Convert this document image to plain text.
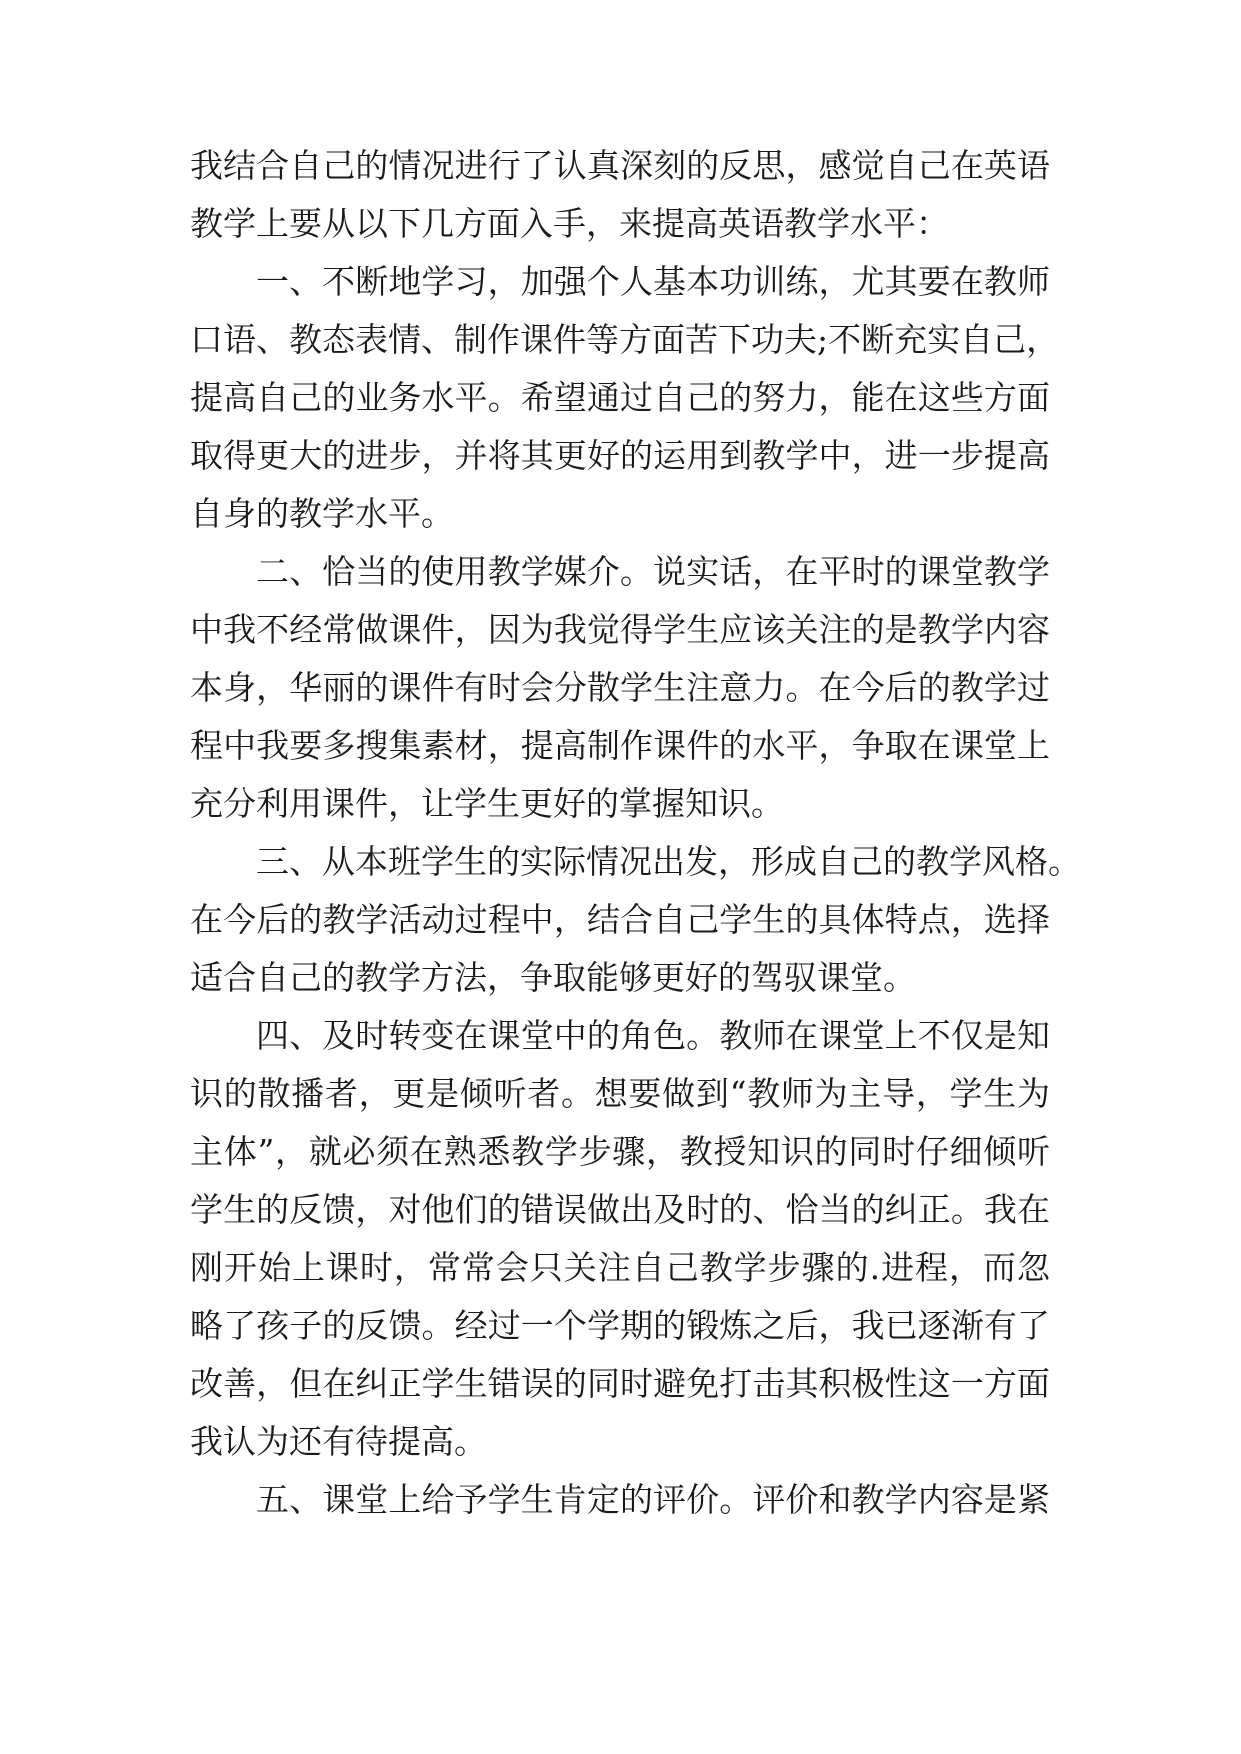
我结合自己的情况进行了认真深刻的反思，感觉自己在英语
教学上要从以下几方面入手，来提高英语教学水平：
一、不断地学习，加强个人基本功训练，尤其要在教师
口语、教态表情、制作课件等方面苦下功夫;不断充实自己，
提高自己的业务水平。希望通过自己的努力，能在这些方面
取得更大的进步，并将其更好的运用到教学中，进一步提高
自身的教学水平。
二、恰当的使用教学媒介。说实话，在平时的课堂教学
中我不经常做课件，因为我觉得学生应该关注的是教学内容
本身，华丽的课件有时会分散学生注意力。在今后的教学过
程中我要多搜集素材，提高制作课件的水平，争取在课堂上
充分利用课件，让学生更好的掌握知识。
三、从本班学生的实际情况出发，形成自己的教学风格。
在今后的教学活动过程中，结合自己学生的具体特点，选择
适合自己的教学方法，争取能够更好的驾驭课堂。
四、及时转变在课堂中的角色。教师在课堂上不仅是知
识的散播者，更是倾听者。想要做到“教师为主导，学生为
主体”，就必须在熟悉教学步骤，教授知识的同时仔细倾听
学生的反馈，对他们的错误做出及时的、恰当的纠正。我在
刚开始上课时，常常会只关注自己教学步骤的.进程，而忽
略了孩子的反馈。经过一个学期的锻炼之后，我已逐渐有了
改善，但在纠正学生错误的同时避免打击其积极性这一方面
我认为还有待提高。
五、课堂上给予学生肯定的评价。评价和教学内容是紧
